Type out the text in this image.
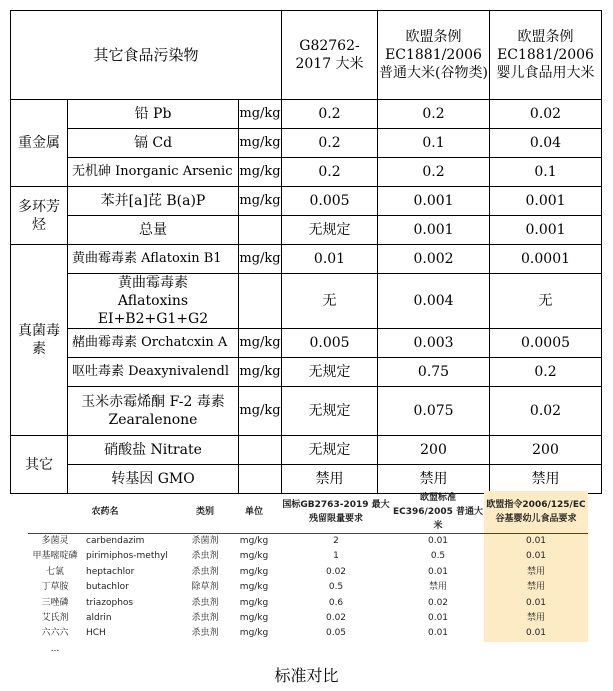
其它食品污染物			G82762-2017 大米	欧盟条例 EC1881/2006 普通大米(谷物类)	欧盟条例 EC1881/2006 婴儿食品用大米
重金属	铅 Pb	mg/kg	0.2	0.2	0.02
	镉 Cd	mg/kg	0.2	0.1	0.04
	无机砷 Inorganic Arsenic	mg/kg	0.2	0.2	0.1
多环芳烃	苯并[a]芘 B(a)P	mg/kg	0.005	0.001	0.001
	总量		无规定	0.001	0.001
真菌毒素	黄曲霉毒素 Aflatoxin B1	mg/kg	0.01	0.002	0.0001
	黄曲霉毒素 Aflatoxins EI+B2+G1+G2		无	0.004	无
	赭曲霉毒素 Orchatcxin A	mg/kg	0.005	0.003	0.0005
	呕吐毒素 Deaxynivalendl	mg/kg	无规定	0.75	0.2
	玉米赤霉烯酮 F-2 毒素 Zearalenone	mg/kg	无规定	0.075	0.02
其它	硝酸盐 Nitrate		无规定	200	200
	转基因 GMO		禁用	禁用	禁用
农药名		类别	单位	国标GB2763-2019 最大残留限量要求	欧盟标准EC396/2005 普通大米	欧盟指令2006/125/EC 谷基婴幼儿食品要求
多菌灵	carbendazim	杀菌剂	mg/kg	2	0.01	0.01
甲基嘧啶磷	pirimiphos-methyl	杀虫剂	mg/kg	1	0.5	0.01
七氯	heptachlor	杀虫剂	mg/kg	0.02	0.01	禁用
丁草胺	butachlor	除草剂	mg/kg	0.5	禁用	禁用
三唑磷	triazophos	杀虫剂	mg/kg	0.6	0.02	0.01
艾氏剂	aldrin	杀虫剂	mg/kg	0.02	0.01	禁用
六六六	HCH	杀虫剂	mg/kg	0.05	0.01	0.01
...						
标准对比
